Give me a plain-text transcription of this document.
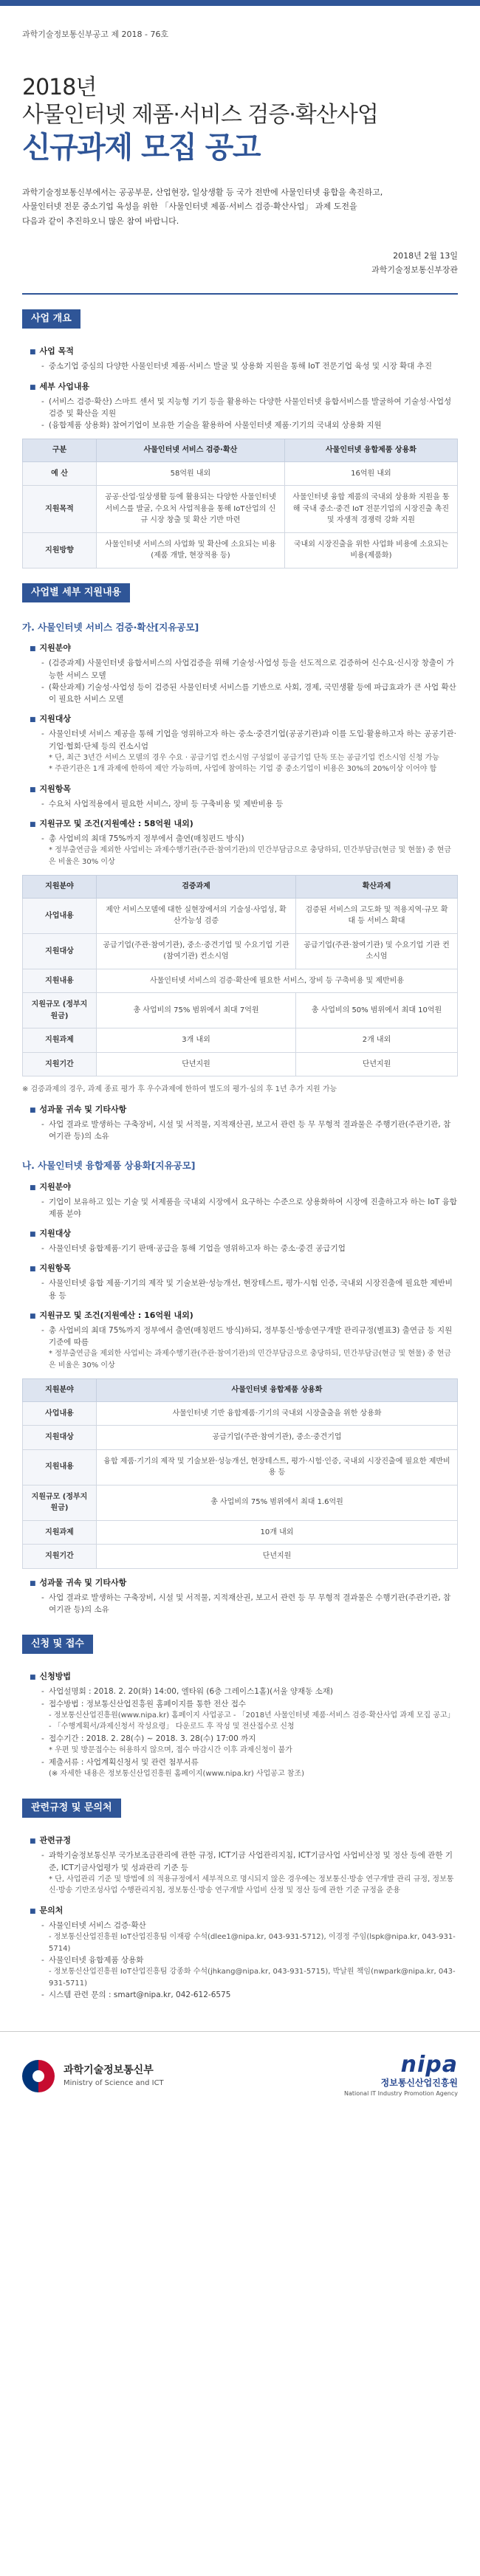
과학기술정보통신부공고 제 2018 - 76호
2018년
사물인터넷 제품·서비스 검증·확산사업
신규과제 모집 공고

과학기술정보통신부에서는 공공부문, 산업현장, 일상생활 등 국가 전반에 사물인터넷 융합을 촉진하고,

사물인터넷 전문 중소기업 육성을 위한 「사물인터넷 제품·서비스 검증·확산사업」 과제 도전을

다음과 같이 추진하오니 많은 참여 바랍니다.

2018년 2월 13일
과학기술정보통신부장관
사업 개요
■ 사업 목적
- 중소기업 중심의 다양한 사물인터넷 제품·서비스 발굴 및 상용화 지원을 통해 IoT 전문기업 육성 및 시장 확대 추진
■ 세부 사업내용
- (서비스 검증·확산) 스마트 센서 및 지능형 기기 등을 활용하는 다양한 사물인터넷 융합서비스를 발굴하여 기술성·사업성 검증 및 확산을 지원
- (융합제품 상용화) 참여기업이 보유한 기술을 활용하여 사물인터넷 제품·기기의 국내외 상용화 지원
구분	사물인터넷 서비스 검증·확산	사물인터넷 융합제품 상용화
예 산	58억원 내외	16억원 내외
지원목적	공공·산업·일상생활 등에 활용되는 다양한 사물인터넷 서비스를 발굴, 수요처 사업적용을 통해 IoT산업의 신규 시장 창출 및 확산 기반 마련	사물인터넷 융합 제품의 국내외 상용화 지원을 통해 국내 중소·중견 IoT 전문기업의 시장진출 촉진 및 자생적 경쟁력 강화 지원
지원방향	사물인터넷 서비스의 사업화 및 확산에 소요되는 비용(제품 개발, 현장적용 등)	국내외 시장진출을 위한 사업화 비용에 소요되는 비용(제품화)
사업별 세부 지원내용
가. 사물인터넷 서비스 검증·확산[지유공모]
■ 지원분야
- (검증과제) 사물인터넷 융합서비스의 사업검증을 위해 기술성·사업성 등을 선도적으로 검증하여 신수요·신시장 창출이 가능한 서비스 모델
- (확산과제) 기술성·사업성 등이 검증된 사물인터넷 서비스를 기반으로 사회, 경제, 국민생활 등에 파급효과가 큰 사업 확산이 필요한 서비스 모델
■ 지원대상
- 사물인터넷 서비스 제공을 통해 기업을 영위하고자 하는 중소·중견기업(공공기관)과 이를 도입·활용하고자 하는 공공기관·기업·협회·단체 등의 컨소시엄
* 단, 최근 3년간 서비스 모델의 경우 수요 · 공급기업 컨소시엄 구성없이 공급기업 단독 또는 공급기업 컨소시엄 신청 가능
* 주관기관은 1개 과제에 한하여 제안 가능하며, 사업에 참여하는 기업 중 중소기업이 비용은 30%의 20%이상 이어야 함
■ 지원항목
- 수요처 사업적용에서 필요한 서비스, 장비 등 구축비용 및 제반비용 등
■ 지원규모 및 조건(지원예산 : 58억원 내외)
- 총 사업비의 최대 75%까지 정부에서 출연(매칭펀드 방식)
* 정부출연금을 제외한 사업비는 과제수행기관(주관·참여기관)의 민간부담금으로 충당하되, 민간부담금(현금 및 현물) 중 현금은 비율은 30% 이상
지원분야	검증과제	확산과제
사업내용	제안 서비스모델에 대한 실현장에서의 기술성·사업성, 확산가능성 검증	검증된 서비스의 고도화 및 적용지역·규모 확대 등 서비스 확대
지원대상	공급기업(주관·참여기관), 중소·중견기업 및 수요기업 기관(참여기관) 컨소시엄	공급기업(주관·참여기관) 및 수요기업 기관 컨소시엄
지원내용	사물인터넷 서비스의 검증·확산에 필요한 서비스, 장비 등 구축비용 및 제반비용	
지원규모 (정부지원금)	총 사업비의 75% 범위에서 최대 7억원	총 사업비의 50% 범위에서 최대 10억원
지원과제	3개 내외	2개 내외
지원기간	단년지원	단년지원
※ 검증과제의 경우, 과제 종료 평가 후 우수과제에 한하여 별도의 평가·심의 후 1년 추가 지원 가능
■ 성과물 귀속 및 기타사항
- 사업 결과로 발생하는 구축장비, 시설 및 서적물, 지적재산권, 보고서 관련 등 무 무형적 결과물은 주행기관(주관기관, 참여기관 등)의 소유
나. 사물인터넷 융합제품 상용화[지유공모]
■ 지원분야
- 기업이 보유하고 있는 기술 및 서제품을 국내외 시장에서 요구하는 수준으로 상용화하여 시장에 진출하고자 하는 IoT 융합제품 분야
■ 지원대상
- 사물인터넷 융합제품·기기 판매·공급을 통해 기업을 영위하고자 하는 중소·중견 공급기업
■ 지원항목
- 사물인터넷 융합 제품·기기의 제작 및 기술보완·성능개선, 현장테스트, 평가·시험 인증, 국내외 시장진출에 필요한 제반비용 등
■ 지원규모 및 조건(지원예산 : 16억원 내외)
- 총 사업비의 최대 75%까지 정부에서 출연(매칭펀드 방식)하되, 정부통신·방송연구개발 관리규정(별표3) 출연금 등 지원기준에 따름
* 정부출연금을 제외한 사업비는 과제수행기관(주관·참여기관)의 민간부담금으로 충당하되, 민간부담금(현금 및 현물) 중 현금은 비율은 30% 이상
지원분야	사물인터넷 융합제품 상용화
사업내용	사물인터넷 기반 융합제품·기기의 국내외 시장출출을 위한 상용화
지원대상	공급기업(주관·참여기관), 중소·중견기업
지원내용	융합 제품·기기의 제작 및 기술보완·성능개선, 현장테스트, 평가·시험·인증, 국내외 시장진출에 필요한 제반비용 등
지원규모 (정부지원금)	총 사업비의 75% 범위에서 최대 1.6억원
지원과제	10개 내외
지원기간	단년지원
■ 성과물 귀속 및 기타사항
- 사업 결과로 발생하는 구축장비, 시설 및 서적물, 지적재산권, 보고서 관련 등 무 무형적 결과물은 수행기관(주관기관, 참여기관 등)의 소유
신청 및 접수
■ 신청방법
- 사업설명회 : 2018. 2. 20(화) 14:00, 엘타워 (6층 그레이스1홀)(서울 양재동 소재)
- 접수방법 : 정보통신산업진흥원 홈페이지를 통한 전산 접수
- 정보통신산업진흥원(www.nipa.kr) 홈페이지 사업공고 - 「2018년 사물인터넷 제품·서비스 검증·확산사업 과제 모집 공고」 - 「수행계획서/과제신청서 작성요령」 다운로드 후 작성 및 전산접수로 신청
- 접수기간 : 2018. 2. 28(수) ~ 2018. 3. 28(수) 17:00 까지
* 우편 및 방문접수는 허용하지 않으며, 접수 마감시간 이후 과제신청이 불가
- 제출서류 : 사업계획신청서 및 관련 첨부서류
(※ 자세한 내용은 정보통신산업진흥원 홈페이지(www.nipa.kr) 사업공고 참조)
관련규정 및 문의처
■ 관련규정
- 과학기술정보통신부 국가보조금관리에 관한 규정, ICT기금 사업관리지침, ICT기금사업 사업비산정 및 정산 등에 관한 기준, ICT기금사업평가 및 성과관리 기준 등
* 단, 사업관리 기준 및 방법에 의 적용규정에서 세부적으로 명시되지 않은 경우에는 정보통신·방송 연구개발 관리 규정, 정보통신·방송 기반조성사업 수행관리지침, 정보통신·방송 연구개발 사업비 산정 및 정산 등에 관한 기준 규정을 준용
■ 문의처
- 사물인터넷 서비스 검증·확산
- 정보통신산업진흥원 IoT산업진흥팀 이재광 수석(dlee1@nipa.kr, 043-931-5712), 이경정 주임(lspk@nipa.kr, 043-931-5714)
- 사물인터넷 융합제품 상용화
- 정보통신산업진흥원 IoT산업진흥팀 강종화 수석(jhkang@nipa.kr, 043-931-5715), 박날원 책임(nwpark@nipa.kr, 043-931-5711)
- 시스템 관련 문의 : smart@nipa.kr, 042-612-6575
과학기술정보통신부
Ministry of Science and ICT
nipa
정보통신산업진흥원
National IT Industry Promotion Agency
